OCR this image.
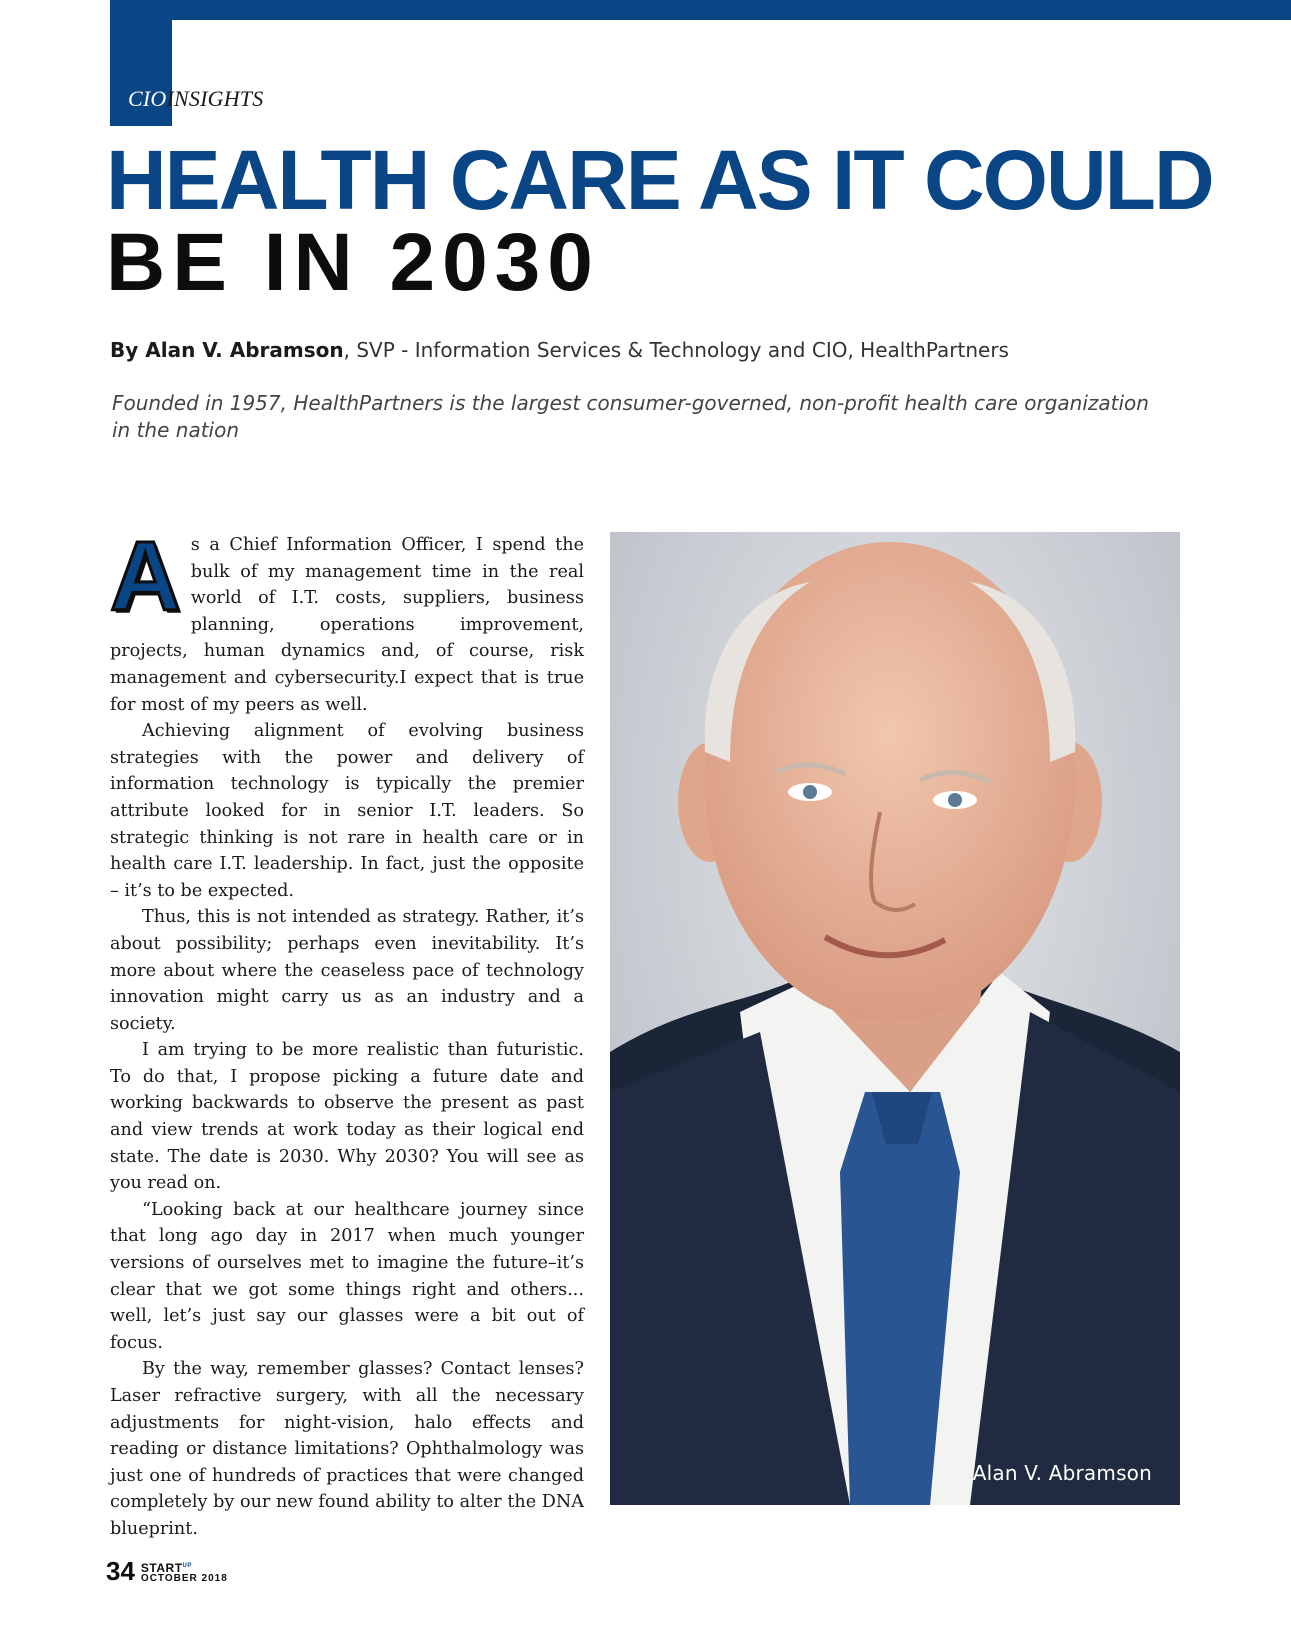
CIOINSIGHTS
HEALTH CARE AS IT COULD
BE IN 2030
By Alan V. Abramson, SVP - Information Services & Technology and CIO, HealthPartners
Founded in 1957, HealthPartners is the largest consumer-governed, non-profit health care organization in the nation

As a Chief Information Officer, I spend the bulk of my management time in the real world of I.T. costs, suppliers, business planning, operations improvement, projects, human dynamics and, of course, risk management and cybersecurity.I expect that is true for most of my peers as well.

Achieving alignment of evolving business strategies with the power and delivery of information technology is typically the premier attribute looked for in senior I.T. leaders. So strategic thinking is not rare in health care or in health care I.T. leadership. In fact, just the opposite – it’s to be expected.

Thus, this is not intended as strategy. Rather, it’s about possibility; perhaps even inevitability. It’s more about where the ceaseless pace of technology innovation might carry us as an industry and a society.

I am trying to be more realistic than futuristic. To do that, I propose picking a future date and working backwards to observe the present as past and view trends at work today as their logical end state. The date is 2030. Why 2030? You will see as you read on.

“Looking back at our healthcare journey since that long ago day in 2017 when much younger versions of ourselves met to imagine the future–it’s clear that we got some things right and others... well, let’s just say our glasses were a bit out of focus.

By the way, remember glasses? Contact lenses? Laser refractive surgery, with all the necessary adjustments for night-vision, halo effects and reading or distance limitations? Ophthalmology was just one of hundreds of practices that were changed completely by our new found ability to alter the DNA blueprint.

Alan V. Abramson
34 $START^{UP}$
OCTOBER 2018
